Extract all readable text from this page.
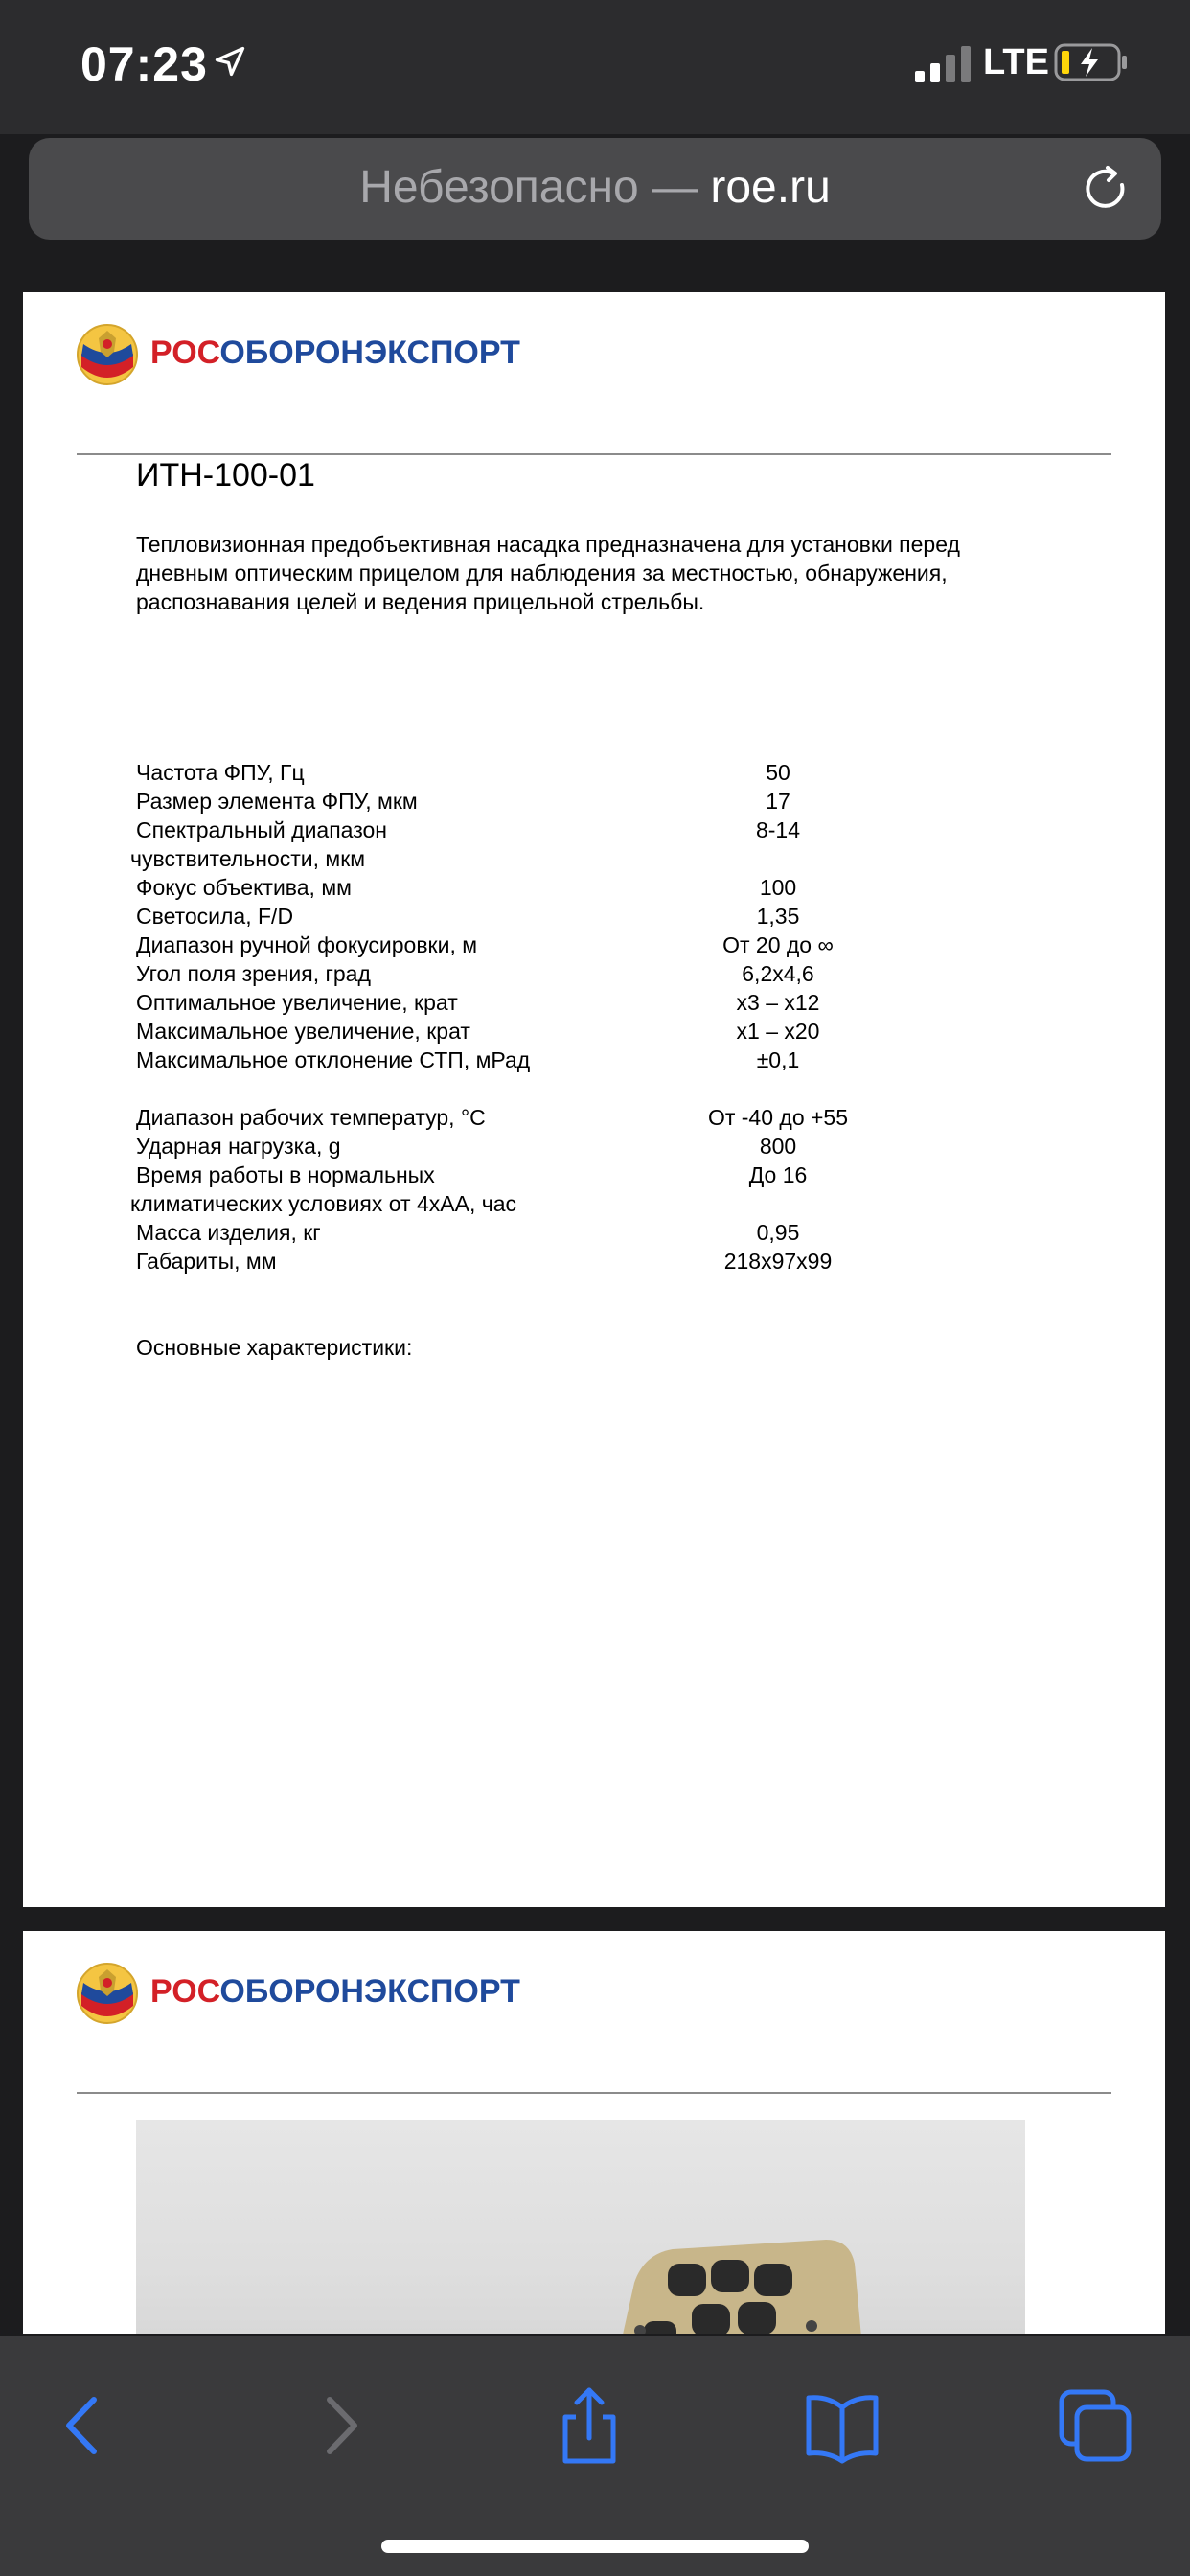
07:23	LTE
Небезопасно — roe.ru
РОСОБОРОНЭКСПОРТ
ИТН-100-01
Тепловизионная предобъективная насадка предназначена для установки перед дневным оптическим прицелом для наблюдения за местностью, обнаружения, распознавания целей и ведения прицельной стрельбы.
Частота ФПУ, Гц	50
Размер элемента ФПУ, мкм	17
Спектральный диапазон	8-14
чувствительности, мкм
Фокус объектива, мм	100
Светосила, F/D	1,35
Диапазон ручной фокусировки, м	От 20 до ∞
Угол поля зрения, град	6,2х4,6
Оптимальное увеличение, крат	х3 – х12
Максимальное увеличение, крат	х1 – х20
Максимальное отклонение СТП, мРад	±0,1
Диапазон рабочих температур, °С	От -40 до +55
Ударная нагрузка, g	800
Время работы в нормальных	До 16
климатических условиях от 4хАА, час
Масса изделия, кг	0,95
Габариты, мм	218х97х99
Основные характеристики:
РОСОБОРОНЭКСПОРТ
